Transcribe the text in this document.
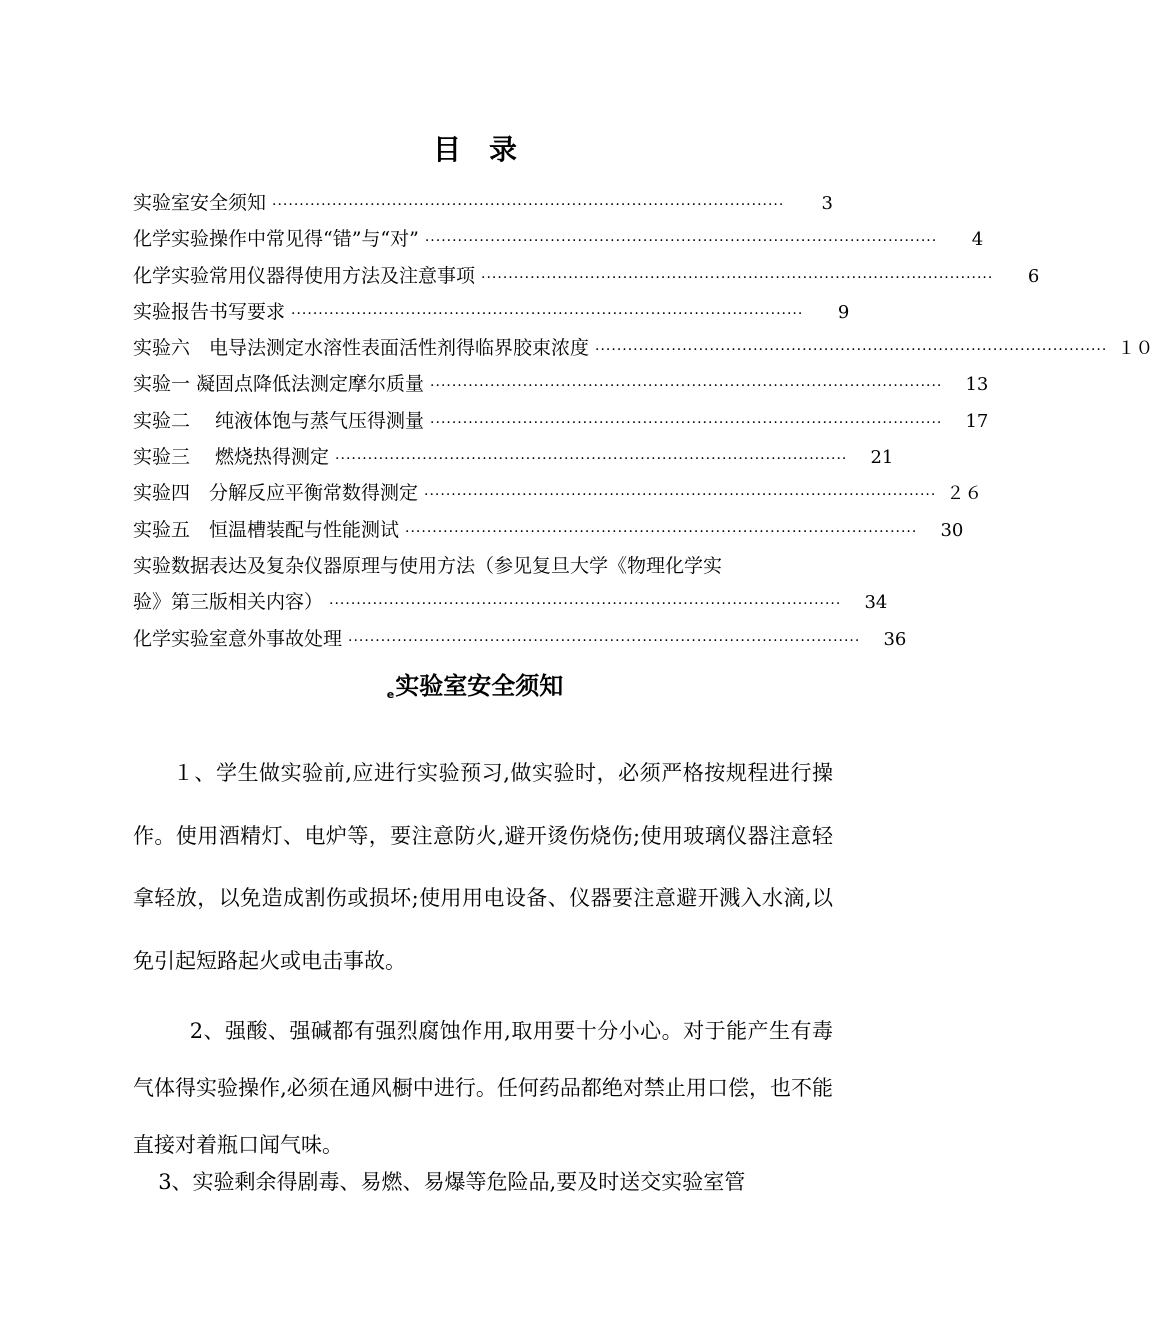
目　录
实验室安全须知 ······························································································	3
化学实验操作中常见得“错”与“对” ······························································································	4
化学实验常用仪器得使用方法及注意事项 ······························································································	6
实验报告书写要求 ······························································································	9
实验六　电导法测定水溶性表面活性剂得临界胶束浓度 ······························································································ １０
实验一 凝固点降低法测定摩尔质量 ······························································································	13
实验二　 纯液体饱与蒸气压得测量 ······························································································	17
实验三　 燃烧热得测定 ······························································································	21
实验四　分解反应平衡常数得测定 ······························································································ ２６
实验五　恒温槽装配与性能测试 ······························································································	30
实验数据表达及复杂仪器原理与使用方法（参见复旦大学《物理化学实
验》第三版相关内容） ······························································································	34
化学实验室意外事故处理 ······························································································	36
e实验室安全须知

１、学生做实验前,应进行实验预习,做实验时，必须严格按规程进行操作。使用酒精灯、电炉等，要注意防火,避开烫伤烧伤;使用玻璃仪器注意轻拿轻放，以免造成割伤或损坏;使用用电设备、仪器要注意避开溅入水滴,以免引起短路起火或电击事故。

2、强酸、强碱都有强烈腐蚀作用,取用要十分小心。对于能产生有毒气体得实验操作,必须在通风橱中进行。任何药品都绝对禁止用口偿，也不能直接对着瓶口闻气味。

3、实验剩余得剧毒、易燃、易爆等危险品,要及时送交实验室管
